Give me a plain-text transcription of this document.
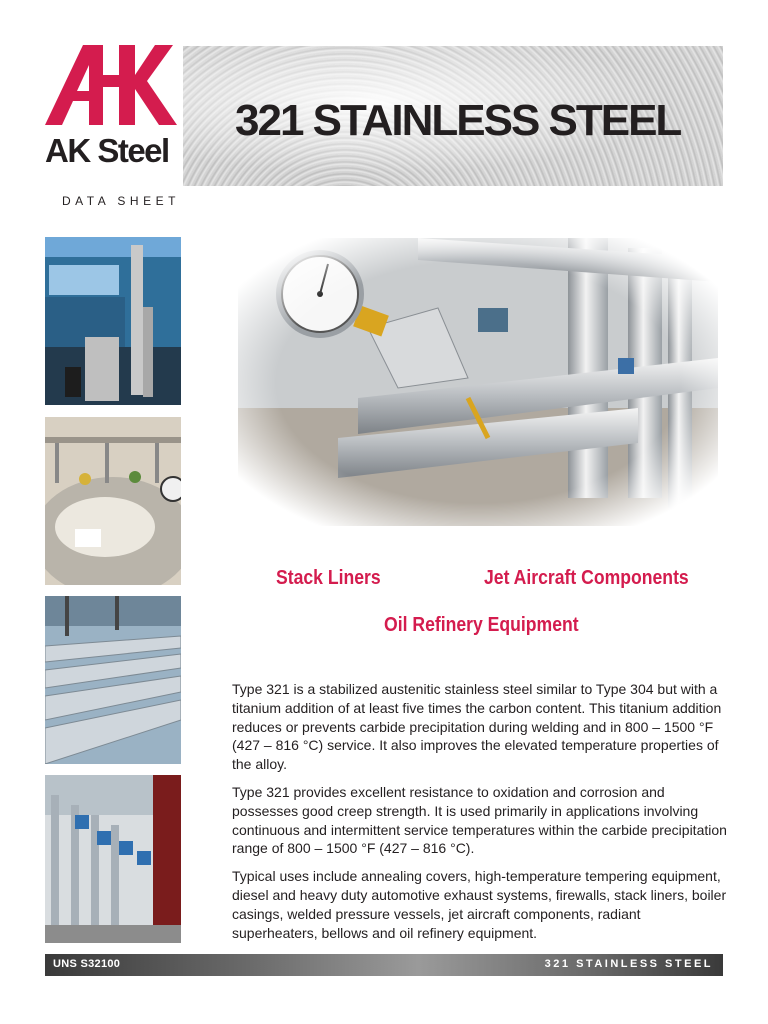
AK Steel
321 STAINLESS STEEL
DATA SHEET
Stack Liners	Jet Aircraft Components
Oil Refinery Equipment

Type 321 is a stabilized austenitic stainless steel similar to Type 304 but with a titanium addition of at least five times the carbon content. This titanium addition reduces or prevents carbide precipitation during welding and in 800 – 1500 °F (427 – 816 °C) service. It also improves the elevated temperature properties of the alloy.

Type 321 provides excellent resistance to oxidation and corrosion and possesses good creep strength. It is used primarily in applications involving continuous and intermittent service temperatures within the carbide precipitation range of 800 – 1500 °F (427 – 816 °C).

Typical uses include annealing covers, high-temperature tempering equipment, diesel and heavy duty automotive exhaust systems, firewalls, stack liners, boiler casings, welded pressure vessels, jet aircraft components, radiant superheaters, bellows and oil refinery equipment.

UNS S32100	321 STAINLESS STEEL
